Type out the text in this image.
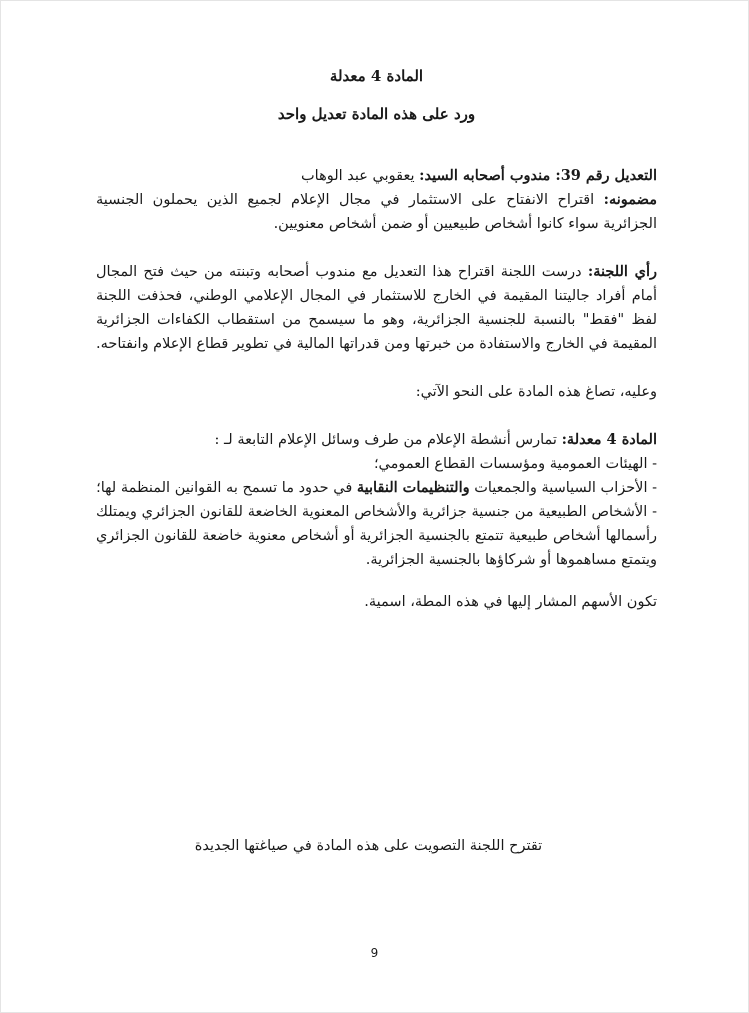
المادة 4 معدلة

ورد على هذه المادة تعديل واحد

التعديل رقم 39: مندوب أصحابه السيد: يعقوبي عبد الوهاب

مضمونه: اقتراح الانفتاح على الاستثمار في مجال الإعلام لجميع الذين يحملون الجنسية الجزائرية سواء كانوا أشخاص طبيعيين أو ضمن أشخاص معنويين.

رأي اللجنة: درست اللجنة اقتراح هذا التعديل مع مندوب أصحابه وتبنته من حيث فتح المجال أمام أفراد جاليتنا المقيمة في الخارج للاستثمار في المجال الإعلامي الوطني، فحذفت اللجنة لفظ "فقط" بالنسبة للجنسية الجزائرية، وهو ما سيسمح من استقطاب الكفاءات الجزائرية المقيمة في الخارج والاستفادة من خبرتها ومن قدراتها المالية في تطوير قطاع الإعلام وانفتاحه.

وعليه، تصاغ هذه المادة على النحو الآتي:

المادة 4 معدلة: تمارس أنشطة الإعلام من طرف وسائل الإعلام التابعة لـ :

- الهيئات العمومية ومؤسسات القطاع العمومي؛

- الأحزاب السياسية والجمعيات والتنظيمات النقابية في حدود ما تسمح به القوانين المنظمة لها؛

- الأشخاص الطبيعية من جنسية جزائرية والأشخاص المعنوية الخاضعة للقانون الجزائري ويمتلك رأسمالها أشخاص طبيعية تتمتع بالجنسية الجزائرية أو أشخاص معنوية خاضعة للقانون الجزائري ويتمتع مساهموها أو شركاؤها بالجنسية الجزائرية.

تكون الأسهم المشار إليها في هذه المطة، اسمية.

تقترح اللجنة التصويت على هذه المادة في صياغتها الجديدة
9
